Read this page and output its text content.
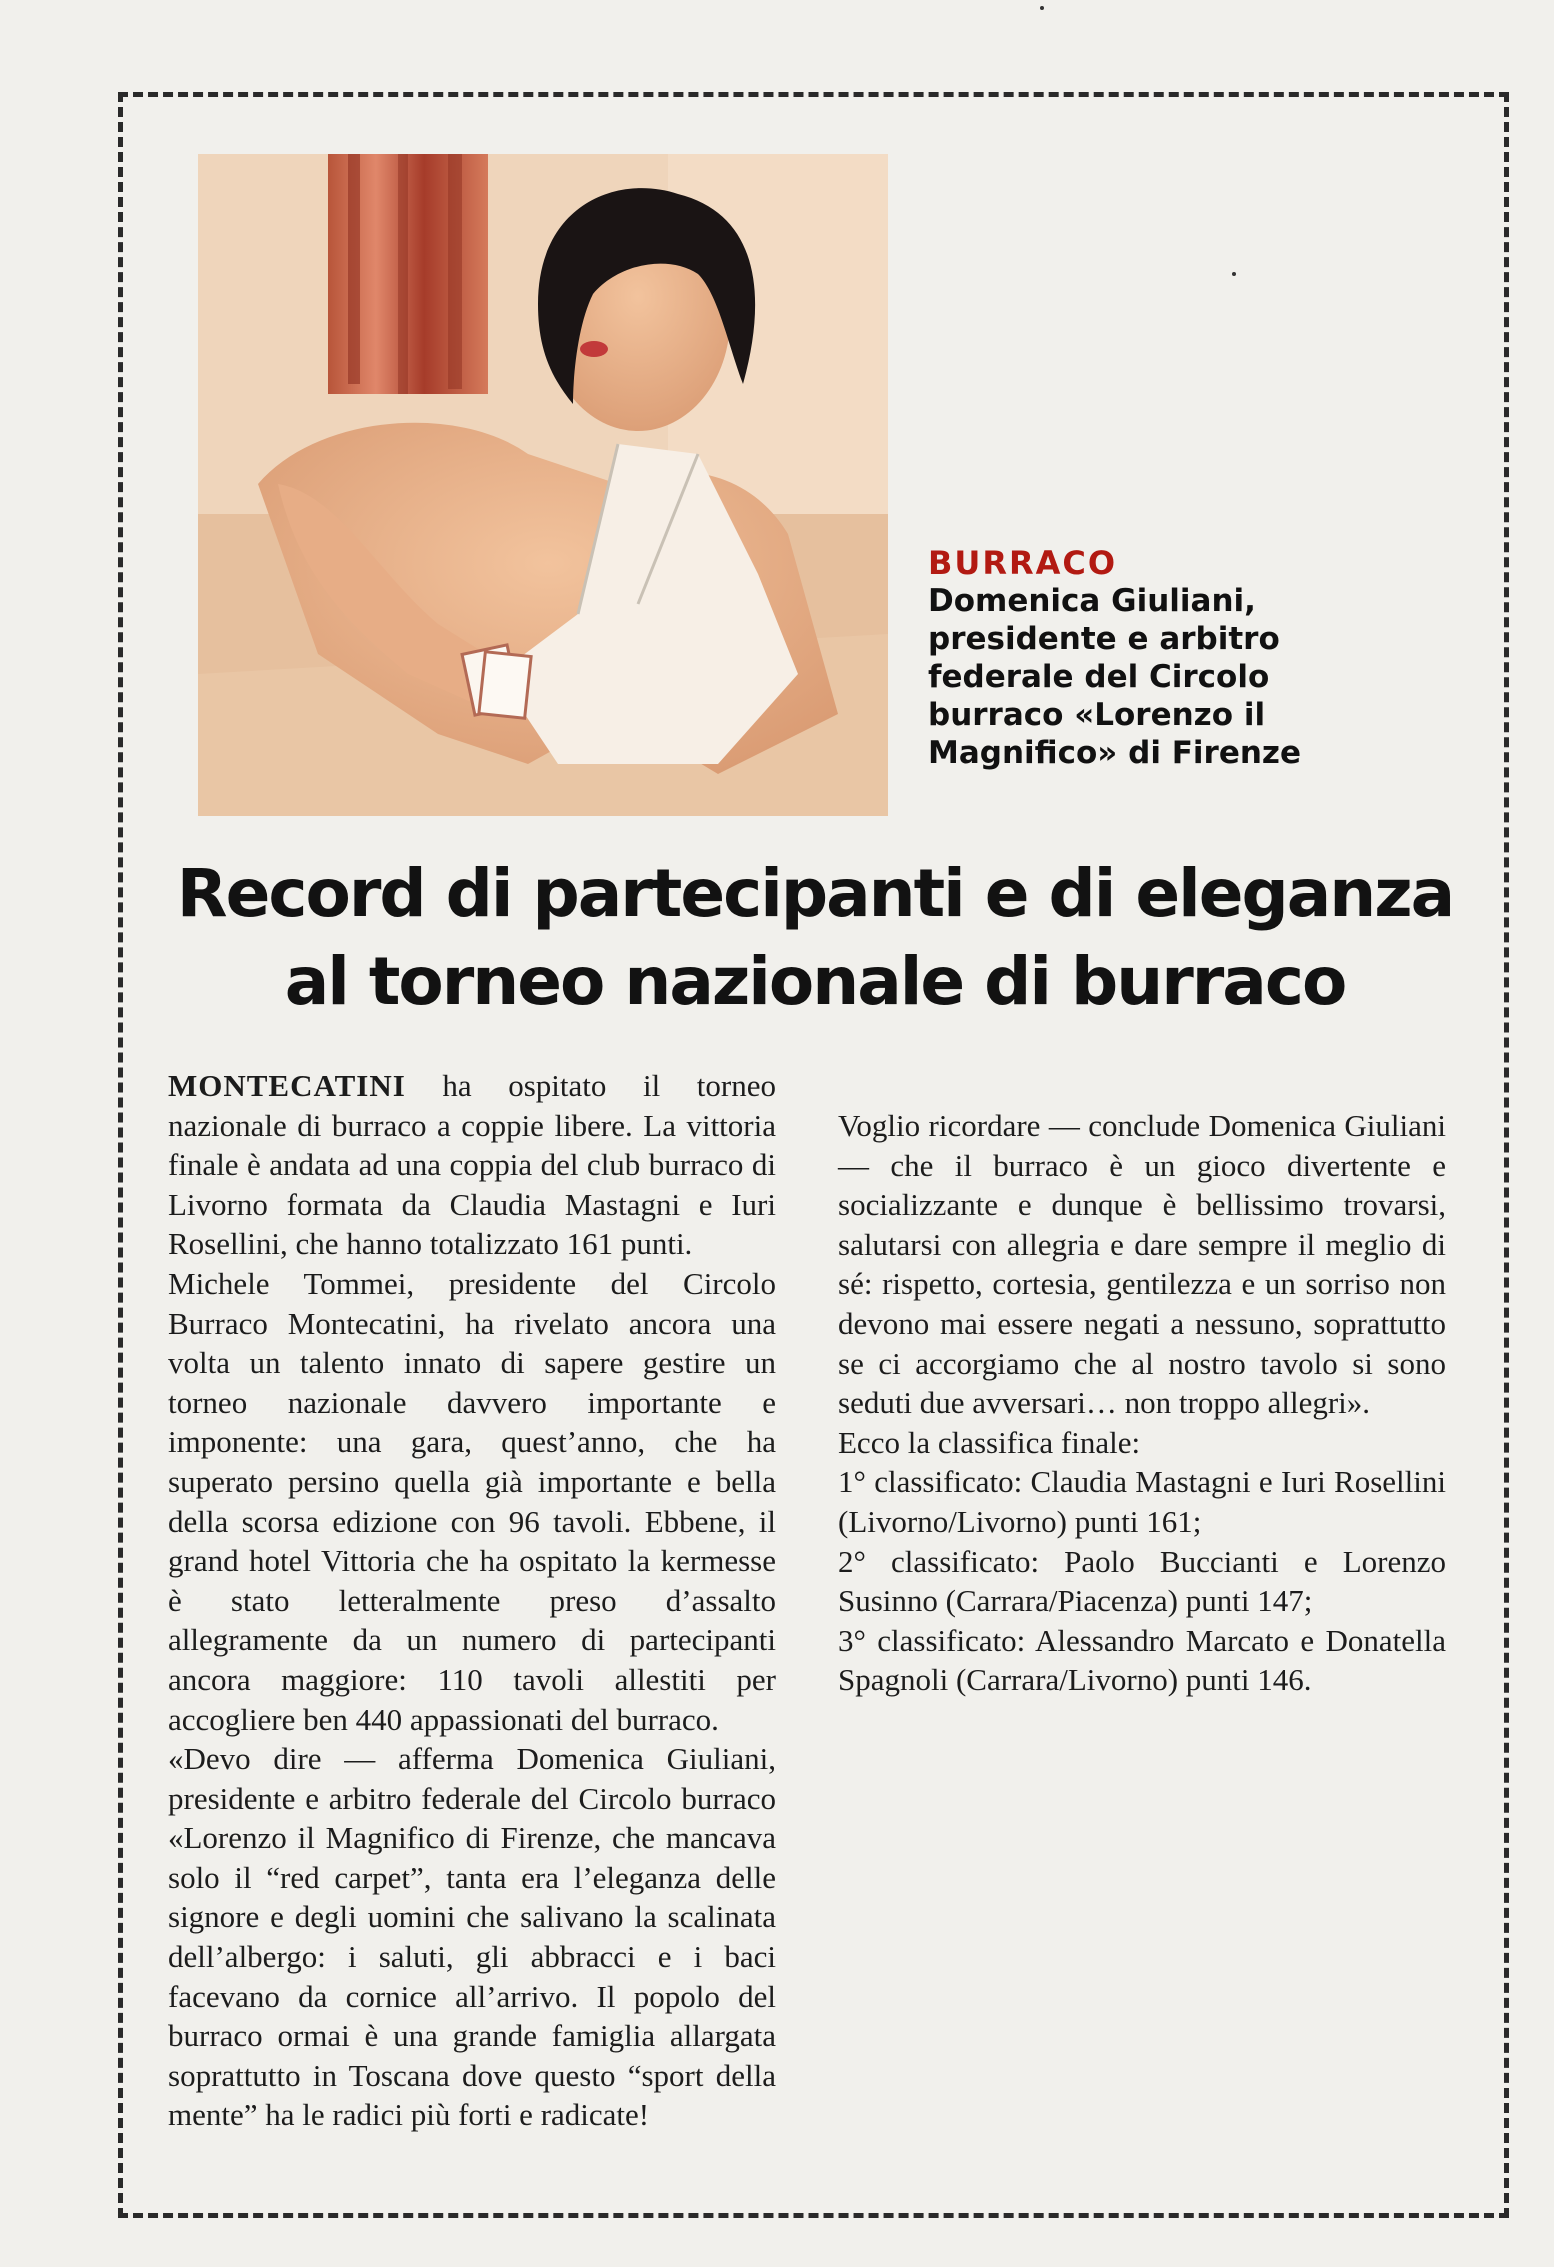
BURRACO
Domenica Giuliani, presidente e arbitro federale del Circolo burraco «Lorenzo il Magnifico» di Firenze
Record di partecipanti e di eleganza
al torneo nazionale di burraco

MONTECATINI ha ospitato il torneo nazionale di burraco a coppie libere. La vittoria finale è andata ad una coppia del club burraco di Livorno formata da Claudia Mastagni e Iuri Rosellini, che hanno totalizzato 161 punti.

Michele Tommei, presidente del Circolo Burraco Montecatini, ha rivelato ancora una volta un talento innato di sapere gestire un torneo nazionale davvero importante e imponente: una gara, quest’anno, che ha superato persino quella già importante e bella della scorsa edizione con 96 tavoli. Ebbene, il grand hotel Vittoria che ha ospitato la kermesse è stato letteralmente preso d’assalto allegramente da un numero di partecipanti ancora maggiore: 110 tavoli allestiti per accogliere ben 440 appassionati del burraco.

«Devo dire — afferma Domenica Giuliani, presidente e arbitro federale del Circolo burraco «Lorenzo il Magnifico di Firenze, che mancava solo il “red carpet”, tanta era l’eleganza delle signore e degli uomini che salivano la scalinata dell’albergo: i saluti, gli abbracci e i baci facevano da cornice all’arrivo. Il popolo del burraco ormai è una grande famiglia allargata soprattutto in Toscana dove questo “sport della mente” ha le radici più forti e radicate!

Voglio ricordare — conclude Domenica Giuliani — che il burraco è un gioco divertente e socializzante e dunque è bellissimo trovarsi, salutarsi con allegria e dare sempre il meglio di sé: rispetto, cortesia, gentilezza e un sorriso non devono mai essere negati a nessuno, soprattutto se ci accorgiamo che al nostro tavolo si sono seduti due avversari… non troppo allegri».

Ecco la classifica finale:

1° classificato: Claudia Mastagni e Iuri Rosellini (Livorno/Livorno) punti 161;
2° classificato: Paolo Buccianti e Lorenzo Susinno (Carrara/Piacenza) punti 147;
3° classificato: Alessandro Marcato e Donatella Spagnoli (Carrara/Livorno) punti 146.
